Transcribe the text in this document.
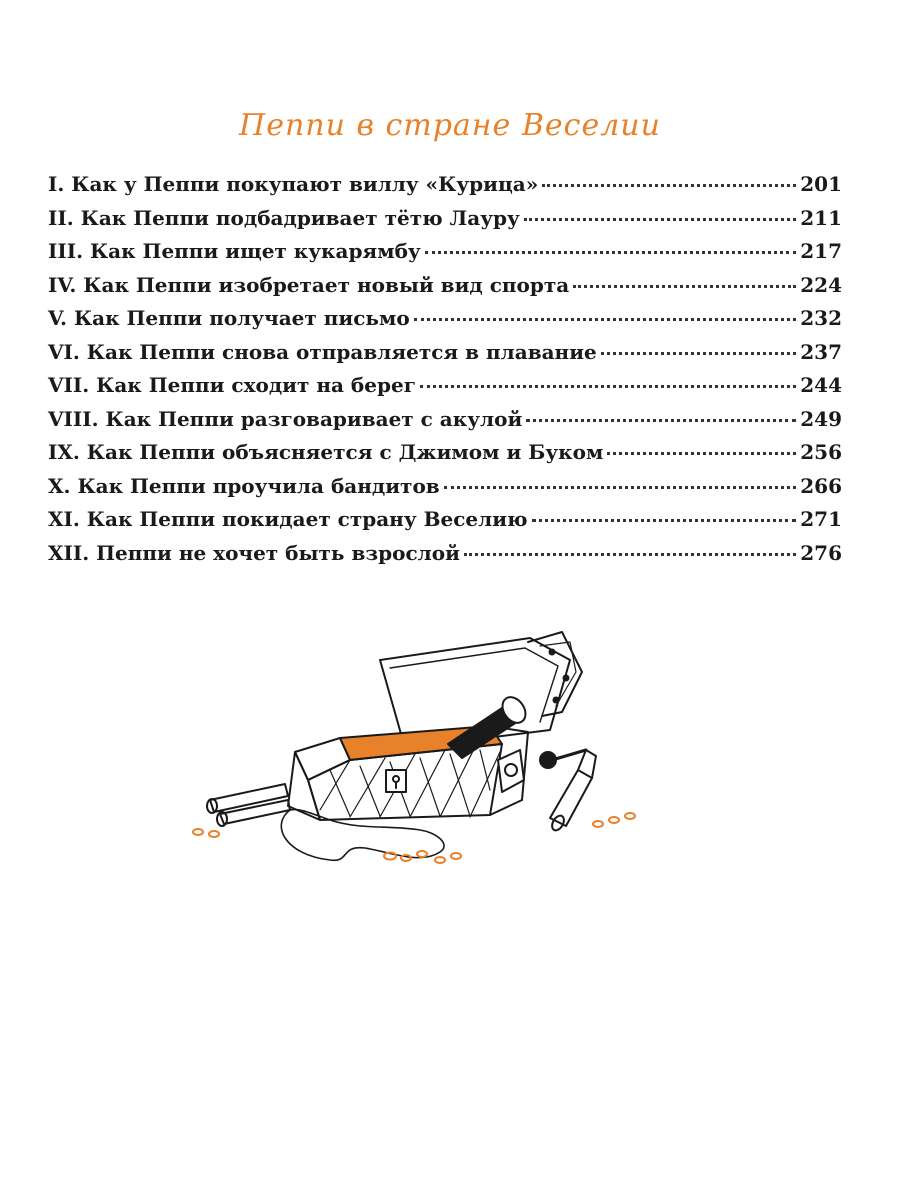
Пеппи в стране Веселии
I. Как у Пеппи покупают виллу «Курица»	201
II. Как Пеппи подбадривает тётю Лауру	211
III. Как Пеппи ищет кукарямбу	217
IV. Как Пеппи изобретает новый вид спорта	224
V. Как Пеппи получает письмо	232
VI. Как Пеппи снова отправляется в плавание	237
VII. Как Пеппи сходит на берег	244
VIII. Как Пеппи разговаривает с акулой	249
IX. Как Пеппи объясняется с Джимом и Буком	256
X. Как Пеппи проучила бандитов	266
XI. Как Пеппи покидает страну Веселию	271
XII. Пеппи не хочет быть взрослой	276
